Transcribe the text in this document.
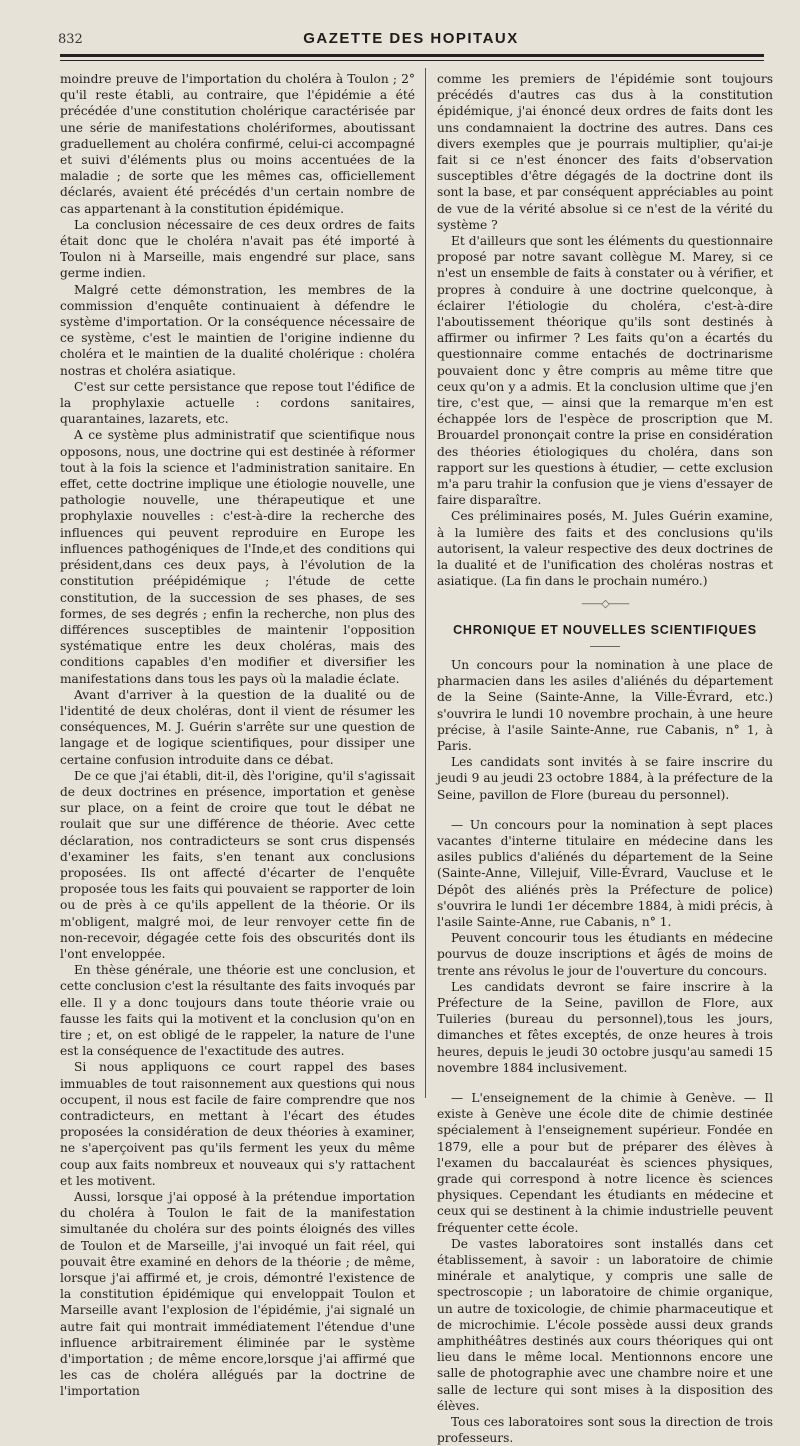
832	GAZETTE DES HOPITAUX

moindre preuve de l'importation du choléra à Toulon ; 2° qu'il reste établi, au contraire, que l'épidémie a été précédée d'une constitution cholérique caractérisée par une série de manifestations cholériformes, aboutissant graduellement au choléra confirmé, celui-ci accompagné et suivi d'éléments plus ou moins accentuées de la maladie ; de sorte que les mêmes cas, officiellement déclarés, avaient été précédés d'un certain nombre de cas appartenant à la constitution épidémique.

La conclusion nécessaire de ces deux ordres de faits était donc que le choléra n'avait pas été importé à Toulon ni à Marseille, mais engendré sur place, sans germe indien.

Malgré cette démonstration, les membres de la commission d'enquête continuaient à défendre le système d'importation. Or la conséquence nécessaire de ce système, c'est le maintien de l'origine indienne du choléra et le maintien de la dualité cholérique : choléra nostras et choléra asiatique.

C'est sur cette persistance que repose tout l'édifice de la prophylaxie actuelle : cordons sanitaires, quarantaines, lazarets, etc.

A ce système plus administratif que scientifique nous opposons, nous, une doctrine qui est destinée à réformer tout à la fois la science et l'administration sanitaire. En effet, cette doctrine implique une étiologie nouvelle, une pathologie nouvelle, une thérapeutique et une prophylaxie nouvelles : c'est-à-dire la recherche des influences qui peuvent reproduire en Europe les influences pathogéniques de l'Inde,et des conditions qui président,dans ces deux pays, à l'évolution de la constitution préépidémique ; l'étude de cette constitution, de la succession de ses phases, de ses formes, de ses degrés ; enfin la recherche, non plus des différences susceptibles de maintenir l'opposition systématique entre les deux choléras, mais des conditions capables d'en modifier et diversifier les manifestations dans tous les pays où la maladie éclate.

Avant d'arriver à la question de la dualité ou de l'identité de deux choléras, dont il vient de résumer les conséquences, M. J. Guérin s'arrête sur une question de langage et de logique scientifiques, pour dissiper une certaine confusion introduite dans ce débat.

De ce que j'ai établi, dit-il, dès l'origine, qu'il s'agissait de deux doctrines en présence, importation et genèse sur place, on a feint de croire que tout le débat ne roulait que sur une différence de théorie. Avec cette déclaration, nos contradicteurs se sont crus dispensés d'examiner les faits, s'en tenant aux conclusions proposées. Ils ont affecté d'écarter de l'enquête proposée tous les faits qui pouvaient se rapporter de loin ou de près à ce qu'ils appellent de la théorie. Or ils m'obligent, malgré moi, de leur renvoyer cette fin de non-recevoir, dégagée cette fois des obscurités dont ils l'ont enveloppée.

En thèse générale, une théorie est une conclusion, et cette conclusion c'est la résultante des faits invoqués par elle. Il y a donc toujours dans toute théorie vraie ou fausse les faits qui la motivent et la conclusion qu'on en tire ; et, on est obligé de le rappeler, la nature de l'une est la conséquence de l'exactitude des autres.

Si nous appliquons ce court rappel des bases immuables de tout raisonnement aux questions qui nous occupent, il nous est facile de faire comprendre que nos contradicteurs, en mettant à l'écart des études proposées la considération de deux théories à examiner, ne s'aperçoivent pas qu'ils ferment les yeux du même coup aux faits nombreux et nouveaux qui s'y rattachent et les motivent.

Aussi, lorsque j'ai opposé à la prétendue importation du choléra à Toulon le fait de la manifestation simultanée du choléra sur des points éloignés des villes de Toulon et de Marseille, j'ai invoqué un fait réel, qui pouvait être examiné en dehors de la théorie ; de même, lorsque j'ai affirmé et, je crois, démontré l'existence de la constitution épidémique qui enveloppait Toulon et Marseille avant l'explosion de l'épidémie, j'ai signalé un autre fait qui montrait immédiatement l'étendue d'une influence arbitrairement éliminée par le système d'importation ; de même encore,lorsque j'ai affirmé que les cas de choléra allégués par la doctrine de l'importation

comme les premiers de l'épidémie sont toujours précédés d'autres cas dus à la constitution épidémique, j'ai énoncé deux ordres de faits dont les uns condamnaient la doctrine des autres. Dans ces divers exemples que je pourrais multiplier, qu'ai-je fait si ce n'est énoncer des faits d'observation susceptibles d'être dégagés de la doctrine dont ils sont la base, et par conséquent appréciables au point de vue de la vérité absolue si ce n'est de la vérité du système ?

Et d'ailleurs que sont les éléments du questionnaire proposé par notre savant collègue M. Marey, si ce n'est un ensemble de faits à constater ou à vérifier, et propres à conduire à une doctrine quelconque, à éclairer l'étiologie du choléra, c'est-à-dire l'aboutissement théorique qu'ils sont destinés à affirmer ou infirmer ? Les faits qu'on a écartés du questionnaire comme entachés de doctrinarisme pouvaient donc y être compris au même titre que ceux qu'on y a admis. Et la conclusion ultime que j'en tire, c'est que, — ainsi que la remarque m'en est échappée lors de l'espèce de proscription que M. Brouardel prononçait contre la prise en considération des théories étiologiques du choléra, dans son rapport sur les questions à étudier, — cette exclusion m'a paru trahir la confusion que je viens d'essayer de faire disparaître.

Ces préliminaires posés, M. Jules Guérin examine, à la lumière des faits et des conclusions qu'ils autorisent, la valeur respective des deux doctrines de la dualité et de l'unification des choléras nostras et asiatique. (La fin dans le prochain numéro.)

——◇——
CHRONIQUE ET NOUVELLES SCIENTIFIQUES

Un concours pour la nomination à une place de pharmacien dans les asiles d'aliénés du département de la Seine (Sainte-Anne, la Ville-Évrard, etc.) s'ouvrira le lundi 10 novembre prochain, à une heure précise, à l'asile Sainte-Anne, rue Cabanis, n° 1, à Paris.

Les candidats sont invités à se faire inscrire du jeudi 9 au jeudi 23 octobre 1884, à la préfecture de la Seine, pavillon de Flore (bureau du personnel).

— Un concours pour la nomination à sept places vacantes d'interne titulaire en médecine dans les asiles publics d'aliénés du département de la Seine (Sainte-Anne, Villejuif, Ville-Évrard, Vaucluse et le Dépôt des aliénés près la Préfecture de police) s'ouvrira le lundi 1er décembre 1884, à midi précis, à l'asile Sainte-Anne, rue Cabanis, n° 1.

Peuvent concourir tous les étudiants en médecine pourvus de douze inscriptions et âgés de moins de trente ans révolus le jour de l'ouverture du concours.

Les candidats devront se faire inscrire à la Préfecture de la Seine, pavillon de Flore, aux Tuileries (bureau du personnel),tous les jours, dimanches et fêtes exceptés, de onze heures à trois heures, depuis le jeudi 30 octobre jusqu'au samedi 15 novembre 1884 inclusivement.

— L'enseignement de la chimie à Genève. — Il existe à Genève une école dite de chimie destinée spécialement à l'enseignement supérieur. Fondée en 1879, elle a pour but de préparer des élèves à l'examen du baccalauréat ès sciences physiques, grade qui correspond à notre licence ès sciences physiques. Cependant les étudiants en médecine et ceux qui se destinent à la chimie industrielle peuvent fréquenter cette école.

De vastes laboratoires sont installés dans cet établissement, à savoir : un laboratoire de chimie minérale et analytique, y compris une salle de spectroscopie ; un laboratoire de chimie organique, un autre de toxicologie, de chimie pharmaceutique et de microchimie. L'école possède aussi deux grands amphithéâtres destinés aux cours théoriques qui ont lieu dans le même local. Mentionnons encore une salle de photographie avec une chambre noire et une salle de lecture qui sont mises à la disposition des élèves.

Tous ces laboratoires sont sous la direction de trois professeurs.
